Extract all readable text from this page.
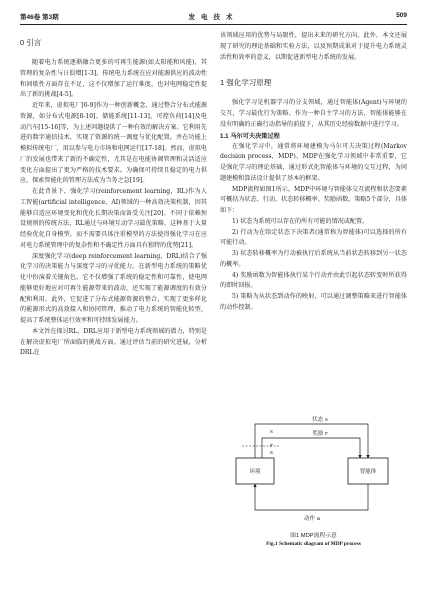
第46卷 第3期	发电技术	509
0 引言

随着电力系统逐渐融合更多的可再生能源(如太阳能和风能)，其管理的复杂性与日俱增[1-3]。传统电力系统在应对能源供应的波动性和间歇性方面存在不足，这不仅增加了运行难度，也对电网稳定性提出了新的挑战[4-5]。

近年来，虚拟电厂[6-9]作为一种创新概念，通过整合分布式能源资源，如分布式电源[8-10]、储能系统[11-13]、可控负荷[14]及电动汽车[15-16]等，为上述问题提供了一种有效的解决方案。它利用先进的数字通信技术，实现了资源的统一调度与优化配置，并在功能上模拟传统电厂，用以参与电力市场和电网运行[17-18]。然而，虚拟电厂的发展也带来了新的不确定性，尤其是在电能协调管理和灵活适应变化方面提出了更为严格的技术要求。为确保可持续且稳定的电力供应，探索智能化的管理方法成为当务之急[19]。

在此背景下，强化学习(reinforcement learning，RL)作为人工智能(artificial intelligence，AI)领域的一种高效决策机制，因其能够自适应环境变化和优化长期决策而备受关注[20]。不同于依赖预设规则的传统方法，RL通过与环境互动学习最优策略，这种基于大量经验优化自身模型，而不需要具体注重模型的方法使得强化学习在应对电力系统管理中的复杂性和不确定性方面具有独特的优势[21]。

深度强化学习(deep reinforcement learning，DRL)结合了强化学习的决策能力与深度学习的寻优能力。在新型电力系统的策略优化中扮演着关键角色。它不仅增强了系统的稳定性和可靠性，使电网能够更好地应对可再生能源带来的波动，还实现了能源调度的有效分配和利用。此外，它促进了分布式能源资源的整合，实现了更多样化的能源形式的高效接入和协同管理，推动了电力系统的智能化转型，提高了系统整体运行效率和可持续发展能力。

本文旨在探讨RL、DRL应用于新型电力系统领域的潜力，特别是在解决虚拟电厂所面临的挑战方面。通过评估当前的研究进展，分析DRL在

该领域应用的优势与局限性，提出未来的研究方向。此外，本文还展现了研究的理论基础和实验方法，以及预期成果对于提升电力系统灵活性和效率的意义，以期促进新型电力系统的发展。

1 强化学习原理

强化学习是机器学习的分支领域，通过智能体(Agent)与环境的交互，学习最优行为策略。作为一种自主学习的方法，智能体能够在没有明确的正确行动指导的前提下，从其历史经验数据中进行学习。

1.1 马尔可夫决策过程

在强化学习中，通常将环境建模为马尔可夫决策过程(Markov decision process，MDP)，MDP在强化学习领域中非常重要，它是强化学习的理论基础，通过形式化智能体与环境的交互过程，为问题建模和算法设计提供了基本的框架。

MDP流程如图1所示。MDP中环境与智能体交互流程和状态要素可概括为状态、行动、状态转移概率、奖励函数、策略5个部分，具体如下：

1) 状态为系统可以存在的所有可能的情况或配置。
2) 行动为在给定状态下决策者(通常称为智能体)可以选择的所有可能行动。
3) 状态转移概率为行动被执行后系统从当前状态转移到另一状态的概率。
4) 奖励函数为智能体执行某个行动并由此引起状态转变时所获得的即时回报。
5) 策略为从状态到动作的映射，可以通过调整策略来进行智能体的动作控制。
环境	智能体
状态 s
奖励 r
s
r
s
动作 a
图1 MDP流程示意
Fig.1 Schematic diagram of MDP process
